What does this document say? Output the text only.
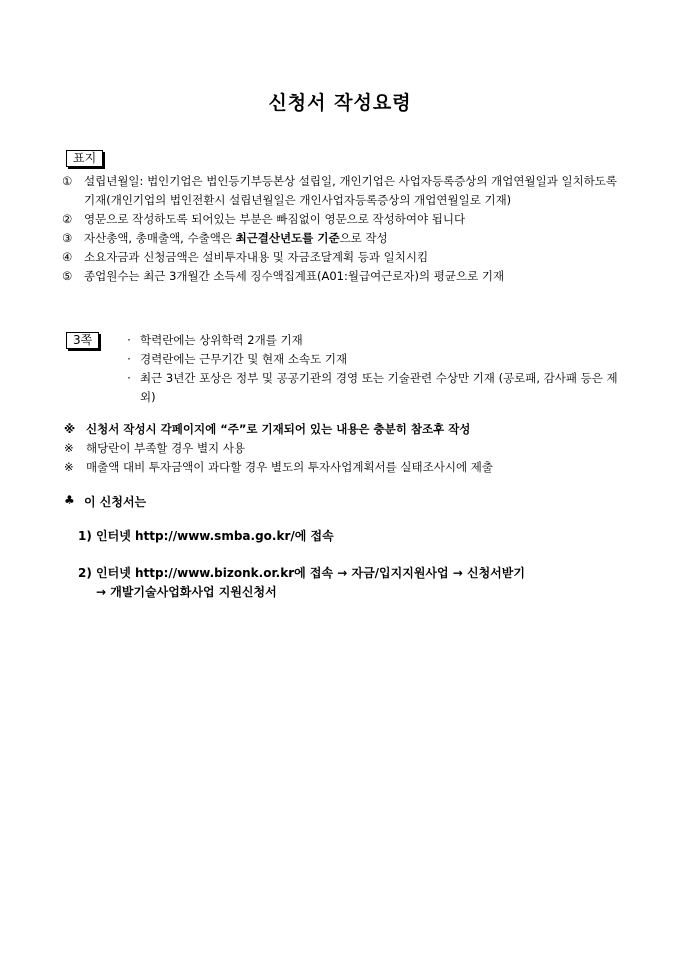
신청서 작성요령
표지
①	설립년월일: 법인기업은 법인등기부등본상 설립일, 개인기업은 사업자등록증상의 개업연월일과 일치하도록 기재(개인기업의 법인전환시 설립년월일은 개인사업자등록증상의 개업연월일로 기재)
②	영문으로 작성하도록 되어있는 부분은 빠짐없이 영문으로 작성하여야 됩니다
③	자산총액, 총매출액, 수출액은 최근결산년도를 기준으로 작성
④	소요자금과 신청금액은 설비투자내용 및 자금조달계획 등과 일치시킴
⑤	종업원수는 최근 3개월간 소득세 징수액집계표(A01:월급여근로자)의 평균으로 기재
3쪽	· 학력란에는 상위학력 2개를 기재
· 경력란에는 근무기간 및 현재 소속도 기재
· 최근 3년간 포상은 정부 및 공공기관의 경영 또는 기술관련 수상만 기재 (공로패, 감사패 등은 제외)
※ 신청서 작성시 각페이지에 “주”로 기재되어 있는 내용은 충분히 참조후 작성
※	해당란이 부족할 경우 별지 사용
※	매출액 대비 투자금액이 과다할 경우 별도의 투자사업계획서를 실태조사시에 제출
♣ 이 신청서는
1) 인터넷 http://www.smba.go.kr/에 접속
2) 인터넷 http://www.bizonk.or.kr에 접속 → 자금/입지지원사업 → 신청서받기
→ 개발기술사업화사업 지원신청서
